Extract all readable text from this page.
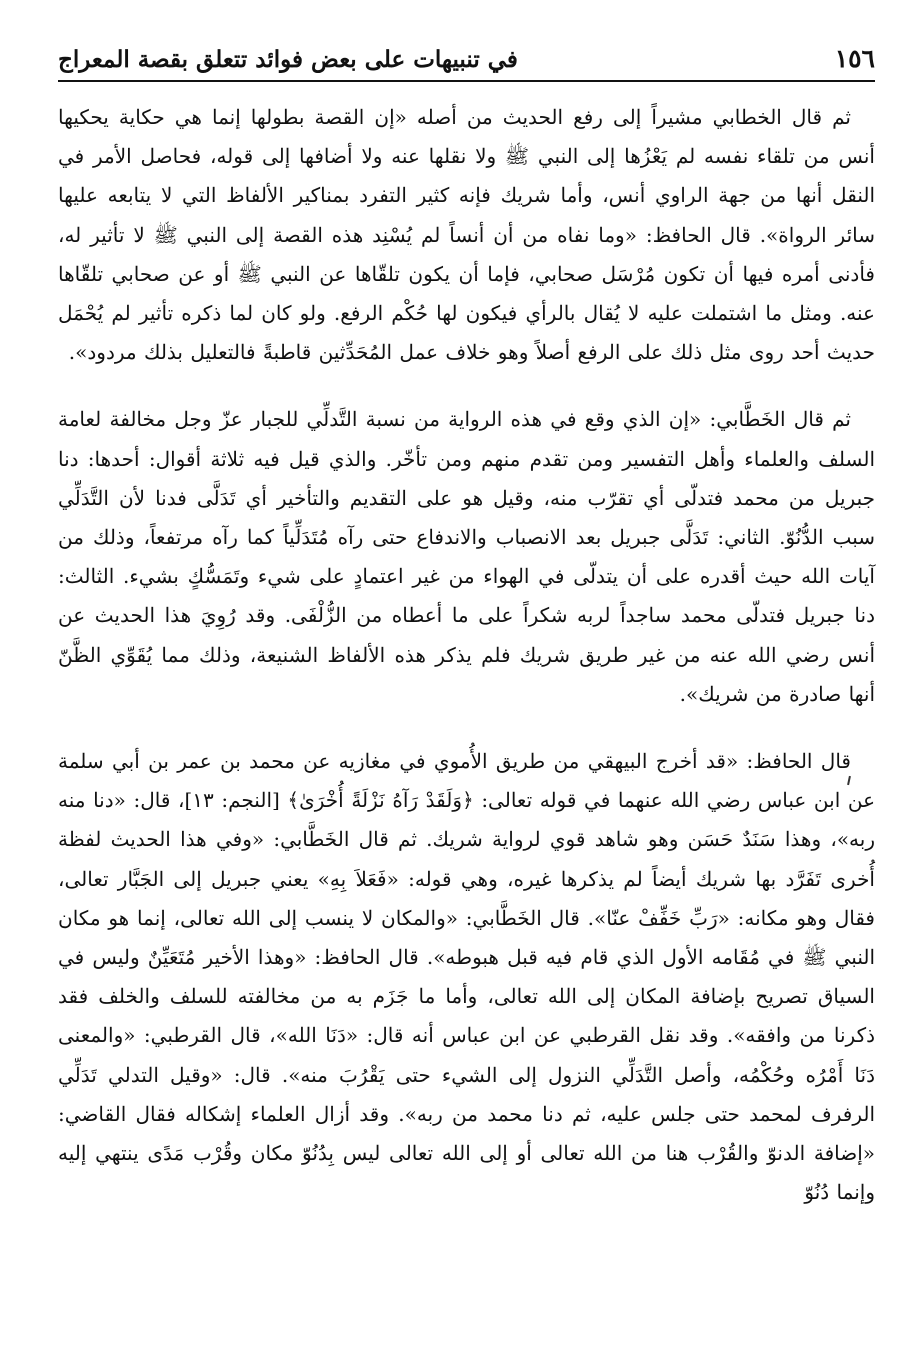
١٥٦
في تنبيهات على بعض فوائد تتعلق بقصة المعراج

ثم قال الخطابي مشيراً إلى رفع الحديث من أصله «إن القصة بطولها إنما هي حكاية يحكيها أنس من تلقاء نفسه لم يَعْزُها إلى النبي ﷺ ولا نقلها عنه ولا أضافها إلى قوله، فحاصل الأمر في النقل أنها من جهة الراوي أنس، وأما شريك فإنه كثير التفرد بمناكير الألفاظ التي لا يتابعه عليها سائر الرواة». قال الحافظ: «وما نفاه من أن أنساً لم يُسْنِد هذه القصة إلى النبي ﷺ لا تأثير له، فأدنى أمره فيها أن تكون مُرْسَل صحابي، فإما أن يكون تلقّاها عن النبي ﷺ أو عن صحابي تلقّاها عنه. ومثل ما اشتملت عليه لا يُقال بالرأي فيكون لها حُكْم الرفع. ولو كان لما ذكره تأثير لم يُحْمَل حديث أحد روى مثل ذلك على الرفع أصلاً وهو خلاف عمل المُحَدِّثين قاطبةً فالتعليل بذلك مردود».

ثم قال الخَطَّابي: «إن الذي وقع في هذه الرواية من نسبة التَّدلِّي للجبار عزّ وجل مخالفة لعامة السلف والعلماء وأهل التفسير ومن تقدم منهم ومن تأخّر. والذي قيل فيه ثلاثة أقوال: أحدها: دنا جبريل من محمد فتدلّى أي تقرّب منه، وقيل هو على التقديم والتأخير أي تَدَلَّى فدنا لأن التَّدَلِّي سبب الدُّنُوّ. الثاني: تَدَلَّى جبريل بعد الانصباب والاندفاع حتى رآه مُتَدَلِّياً كما رآه مرتفعاً، وذلك من آيات الله حيث أقدره على أن يتدلّى في الهواء من غير اعتمادٍ على شيء وتَمَسُّكٍ بشيء. الثالث: دنا جبريل فتدلّى محمد ساجداً لربه شكراً على ما أعطاه من الزُّلْفَى. وقد رُوِيَ هذا الحديث عن أنس رضي الله عنه من غير طريق شريك فلم يذكر هذه الألفاظ الشنيعة، وذلك مما يُقَوِّي الظَّنّ أنها صادرة من شريك».

قال الحافظ: «قد أخرج البيهقي من طريق الأُموي في مغازيه عن محمد بن عمر بن أبي سلمة عن ابن عباس رضي الله عنهما في قوله تعالى: ﴿وَلَقَدْ رَآهُ نَزْلَةً أُخْرَىٰ﴾ [النجم: ١٣]، قال: «دنا منه ربه»، وهذا سَنَدٌ حَسَن وهو شاهد قوي لرواية شريك. ثم قال الخَطَّابي: «وفي هذا الحديث لفظة أُخرى تَفَرَّد بها شريك أيضاً لم يذكرها غيره، وهي قوله: «فَعَلاَ بِهِ» يعني جبريل إلى الجَبَّار تعالى، فقال وهو مكانه: «رَبِّ خَفِّفْ عنّا». قال الخَطَّابي: «والمكان لا ينسب إلى الله تعالى، إنما هو مكان النبي ﷺ في مُقَامه الأول الذي قام فيه قبل هبوطه». قال الحافظ: «وهذا الأخير مُتَعَيِّنٌ وليس في السياق تصريح بإضافة المكان إلى الله تعالى، وأما ما جَزَم به من مخالفته للسلف والخلف فقد ذكرنا من وافقه». وقد نقل القرطبي عن ابن عباس أنه قال: «دَنَا الله»، قال القرطبي: «والمعنى دَنَا أَمْرُه وحُكْمُه، وأصل التَّدَلِّي النزول إلى الشيء حتى يَقْرُبَ منه». قال: «وقيل التدلي تَدَلِّي الرفرف لمحمد حتى جلس عليه، ثم دنا محمد من ربه». وقد أزال العلماء إشكاله فقال القاضي: «إضافة الدنوّ والقُرْب هنا من الله تعالى أو إلى الله تعالى ليس بِدُنُوّ مكان وقُرْب مَدًى ينتهي إليه وإنما دُنُوّ
